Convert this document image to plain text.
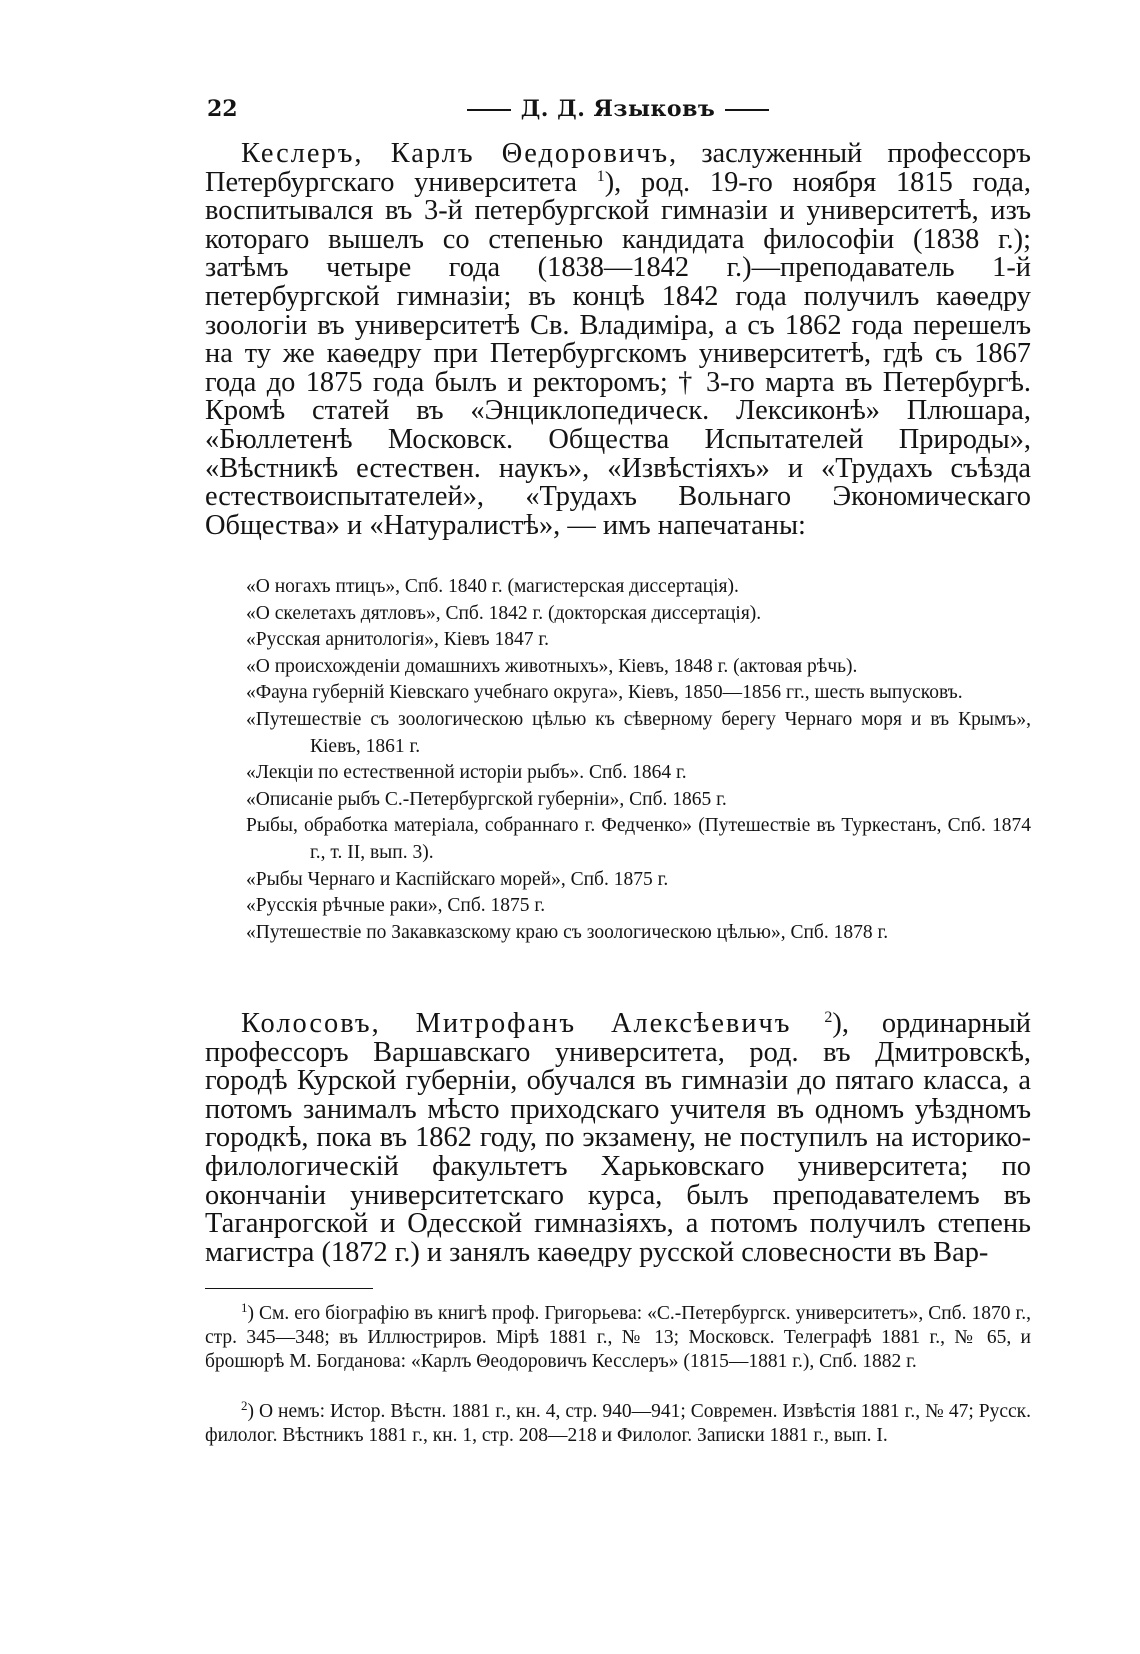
22	Д. Д. Языковъ

Кеслеръ, Карлъ Θедоровичъ, заслуженный профессоръ Петербургскаго университета $^1$), род. 19-го ноября 1815 года, воспитывался въ 3-й петербургской гимназіи и университетѣ, изъ котораго вышелъ со степенью кандидата философіи (1838 г.); затѣмъ четыре года (1838—1842 г.)—преподаватель 1-й петербургской гимназіи; въ концѣ 1842 года получилъ каѳедру зоологіи въ университетѣ Св. Владиміра, а съ 1862 года перешелъ на ту же каѳедру при Петербургскомъ университетѣ, гдѣ съ 1867 года до 1875 года былъ и ректоромъ; † 3-го марта въ Петербургѣ. Кромѣ статей въ «Энциклопедическ. Лексиконѣ» Плюшара, «Бюллетенѣ Московск. Общества Испытателей Природы», «Вѣстникѣ естествен. наукъ», «Извѣстіяхъ» и «Трудахъ съѣзда естествоиспытателей», «Трудахъ Вольнаго Экономическаго Общества» и «Натуралистѣ», — имъ напечатаны:

«О ногахъ птицъ», Спб. 1840 г. (магистерская диссертація).
«О скелетахъ дятловъ», Спб. 1842 г. (докторская диссертація).
«Русская арнитологія», Кіевъ 1847 г.
«О происхожденіи домашнихъ животныхъ», Кіевъ, 1848 г. (актовая рѣчь).
«Фауна губерній Кіевскаго учебнаго округа», Кіевъ, 1850—1856 гг., шесть выпусковъ.
«Путешествіе съ зоологическою цѣлью къ сѣверному берегу Чернаго моря и въ Крымъ», Кіевъ, 1861 г.
«Лекціи по естественной исторіи рыбъ». Спб. 1864 г.
«Описаніе рыбъ С.-Петербургской губерніи», Спб. 1865 г.
Рыбы, обработка матеріала, собраннаго г. Федченко» (Путешествіе въ Туркестанъ, Спб. 1874 г., т. II, вып. 3).
«Рыбы Чернаго и Каспійскаго морей», Спб. 1875 г.
«Русскія рѣчные раки», Спб. 1875 г.
«Путешествіе по Закавказскому краю съ зоологическою цѣлью», Спб. 1878 г.

Колосовъ, Митрофанъ Алексѣевичъ $^2$), ординарный профессоръ Варшавскаго университета, род. въ Дмитровскѣ, городѣ Курской губерніи, обучался въ гимназіи до пятаго класса, а потомъ занималъ мѣсто приходскаго учителя въ одномъ уѣздномъ городкѣ, пока въ 1862 году, по экзамену, не поступилъ на историко-филологическій факультетъ Харьковскаго университета; по окончаніи университетскаго курса, былъ преподавателемъ въ Таганрогской и Одесской гимназіяхъ, а потомъ получилъ степень магистра (1872 г.) и занялъ каѳедру русской словесности въ Вар-

$^1$) См. его біографію въ книгѣ проф. Григорьева: «С.-Петербургск. университетъ», Спб. 1870 г., стр. 345—348; въ Иллюстриров. Мірѣ 1881 г., № 13; Московск. Телеграфѣ 1881 г., № 65, и брошюрѣ М. Богданова: «Карлъ Θеодоровичъ Кесслеръ» (1815—1881 г.), Спб. 1882 г.

$^2$) О немъ: Истор. Вѣстн. 1881 г., кн. 4, стр. 940—941; Современ. Извѣстія 1881 г., № 47; Русск. филолог. Вѣстникъ 1881 г., кн. 1, стр. 208—218 и Филолог. Записки 1881 г., вып. I.
